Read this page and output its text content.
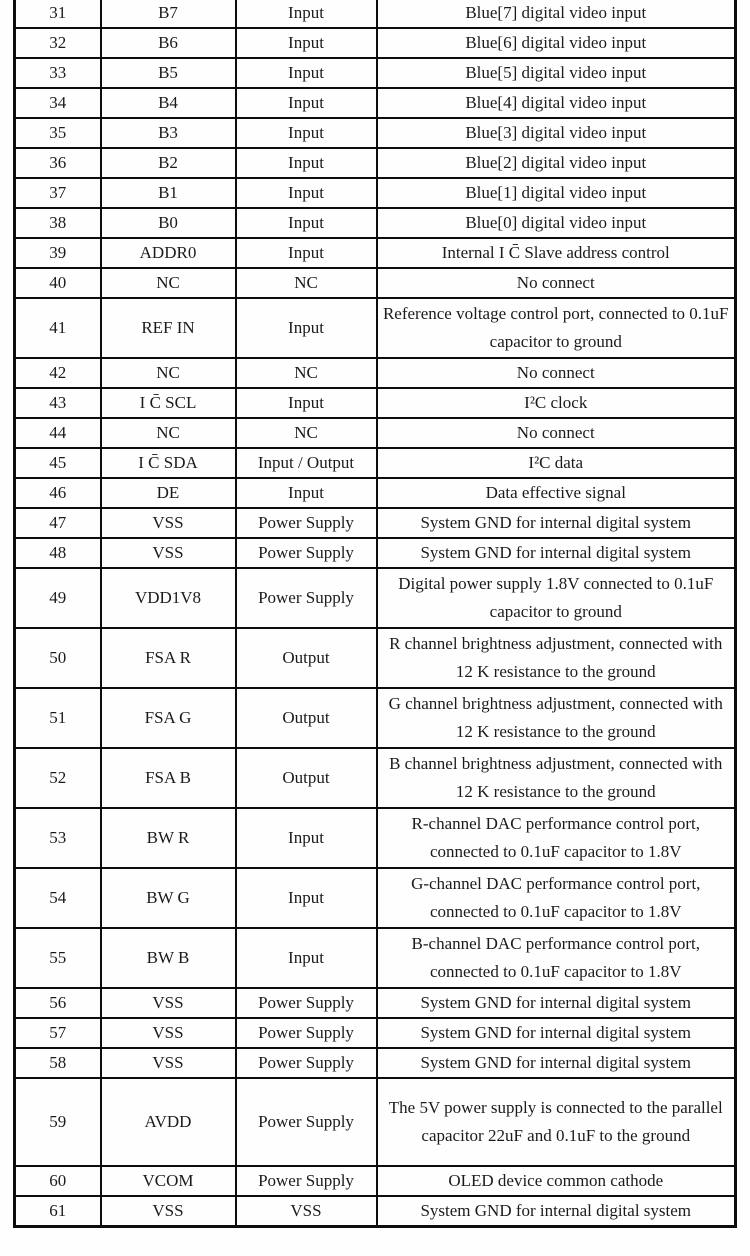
31	B7	Input	Blue[7] digital video input
32	B6	Input	Blue[6] digital video input
33	B5	Input	Blue[5] digital video input
34	B4	Input	Blue[4] digital video input
35	B3	Input	Blue[3] digital video input
36	B2	Input	Blue[2] digital video input
37	B1	Input	Blue[1] digital video input
38	B0	Input	Blue[0] digital video input
39	ADDR0	Input	Internal I C̄ Slave address control
40	NC	NC	No connect
41	REF IN	Input	Reference voltage control port, connected to 0.1uF capacitor to ground
42	NC	NC	No connect
43	I C̄ SCL	Input	I²C clock
44	NC	NC	No connect
45	I C̄ SDA	Input / Output	I²C data
46	DE	Input	Data effective signal
47	VSS	Power Supply	System GND for internal digital system
48	VSS	Power Supply	System GND for internal digital system
49	VDD1V8	Power Supply	Digital power supply 1.8V connected to 0.1uF capacitor to ground
50	FSA R	Output	R channel brightness adjustment, connected with 12 K resistance to the ground
51	FSA G	Output	G channel brightness adjustment, connected with 12 K resistance to the ground
52	FSA B	Output	B channel brightness adjustment, connected with 12 K resistance to the ground
53	BW R	Input	R-channel DAC performance control port, connected to 0.1uF capacitor to 1.8V
54	BW G	Input	G-channel DAC performance control port, connected to 0.1uF capacitor to 1.8V
55	BW B	Input	B-channel DAC performance control port, connected to 0.1uF capacitor to 1.8V
56	VSS	Power Supply	System GND for internal digital system
57	VSS	Power Supply	System GND for internal digital system
58	VSS	Power Supply	System GND for internal digital system
59	AVDD	Power Supply	The 5V power supply is connected to the parallel capacitor 22uF and 0.1uF to the ground
60	VCOM	Power Supply	OLED device common cathode
61	VSS	VSS	System GND for internal digital system
